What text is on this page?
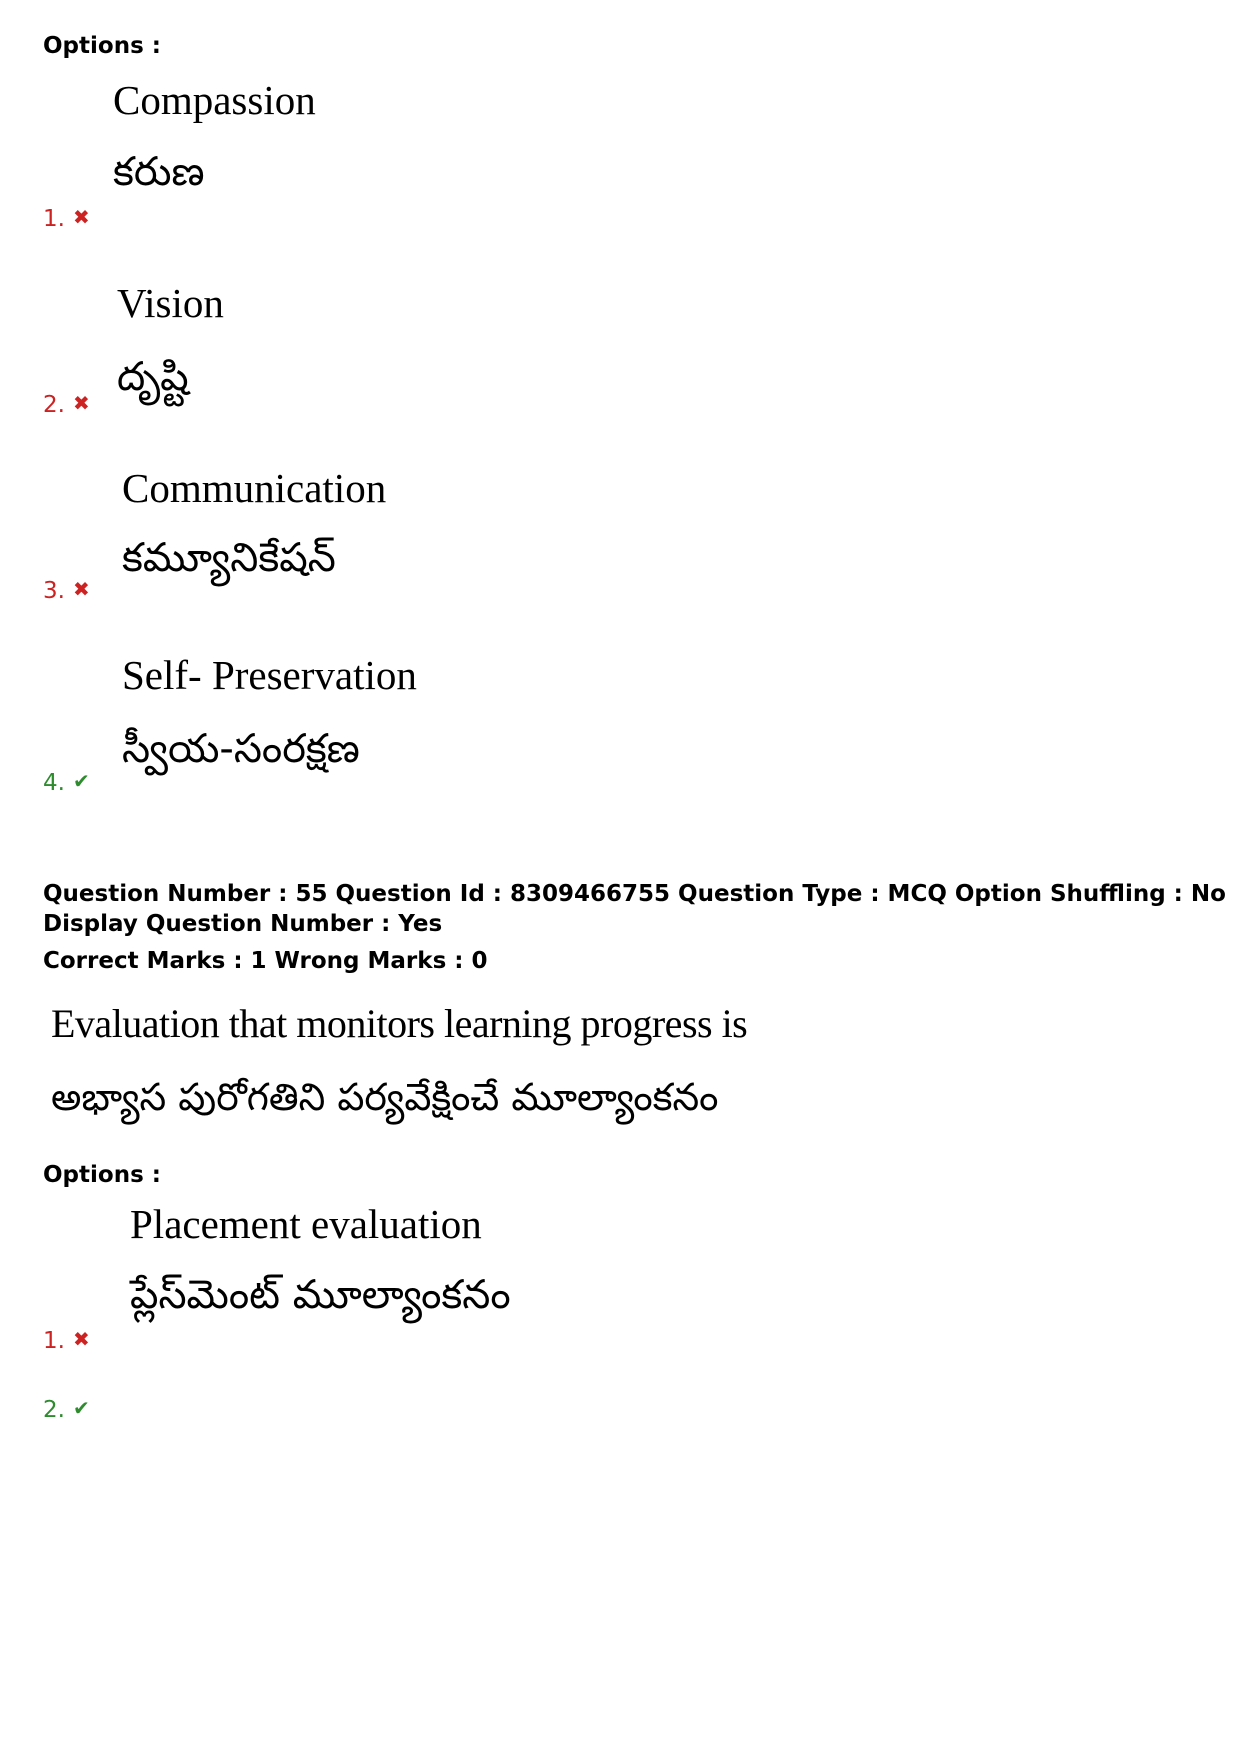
Options :
Compassion
కరుణ
1. ✖
Vision
దృష్టి
2. ✖
Communication
కమ్యూనికేషన్
3. ✖
Self- Preservation
స్వీయ-సంరక్షణ
4. ✔
Question Number : 55 Question Id : 8309466755 Question Type : MCQ Option Shuffling : No
Display Question Number : Yes
Correct Marks : 1 Wrong Marks : 0
Evaluation that monitors learning progress is
అభ్యాస పురోగతిని పర్యవేక్షించే మూల్యాంకనం
Options :
Placement evaluation
ప్లేస్‌మెంట్ మూల్యాంకనం
1. ✖
2. ✔
